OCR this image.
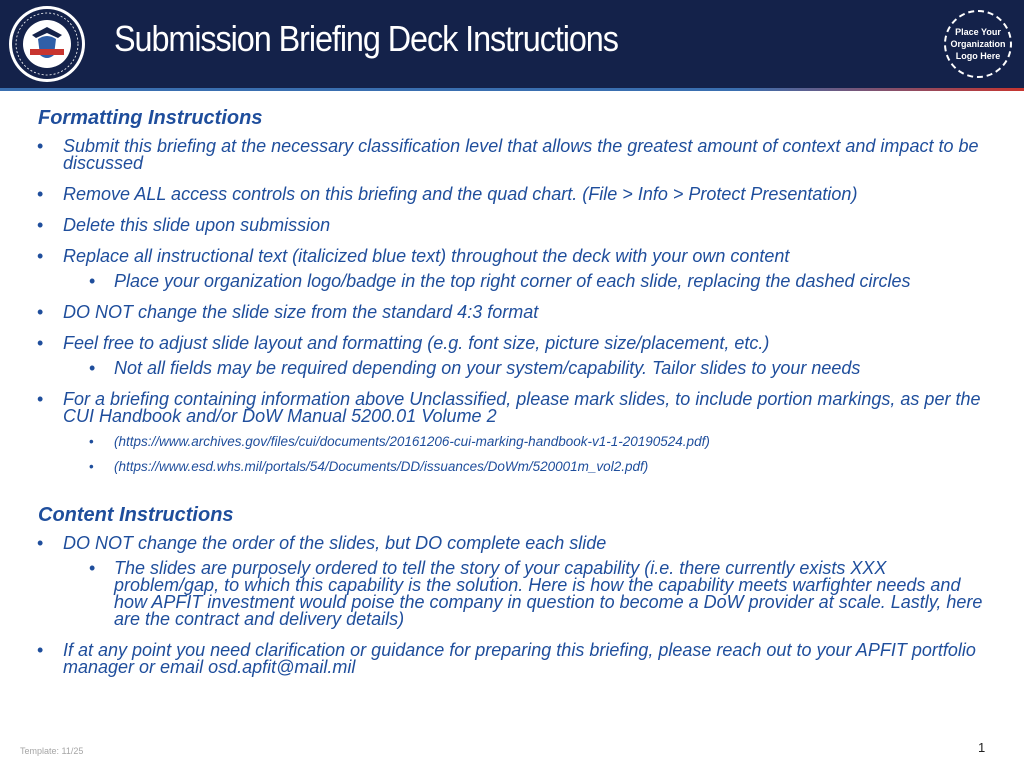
Submission Briefing Deck Instructions	Place Your
Organization
Logo Here
Formatting Instructions
• Submit this briefing at the necessary classification level that allows the greatest amount of context and impact to be discussed
• Remove ALL access controls on this briefing and the quad chart. (File > Info > Protect Presentation)
• Delete this slide upon submission
• Replace all instructional text (italicized blue text) throughout the deck with your own content
• Place your organization logo/badge in the top right corner of each slide, replacing the dashed circles
• DO NOT change the slide size from the standard 4:3 format
• Feel free to adjust slide layout and formatting (e.g. font size, picture size/placement, etc.)
• Not all fields may be required depending on your system/capability. Tailor slides to your needs
• For a briefing containing information above Unclassified, please mark slides, to include portion markings, as per the CUI Handbook and/or DoW Manual 5200.01 Volume 2
• (https://www.archives.gov/files/cui/documents/20161206-cui-marking-handbook-v1-1-20190524.pdf)
• (https://www.esd.whs.mil/portals/54/Documents/DD/issuances/DoWm/520001m_vol2.pdf)
Content Instructions
• DO NOT change the order of the slides, but DO complete each slide
• The slides are purposely ordered to tell the story of your capability (i.e. there currently exists XXX problem/gap, to which this capability is the solution. Here is how the capability meets warfighter needs and how APFIT investment would poise the company in question to become a DoW provider at scale. Lastly, here are the contract and delivery details)
• If at any point you need clarification or guidance for preparing this briefing, please reach out to your APFIT portfolio manager or email osd.apfit@mail.mil
Template: 11/25	1
